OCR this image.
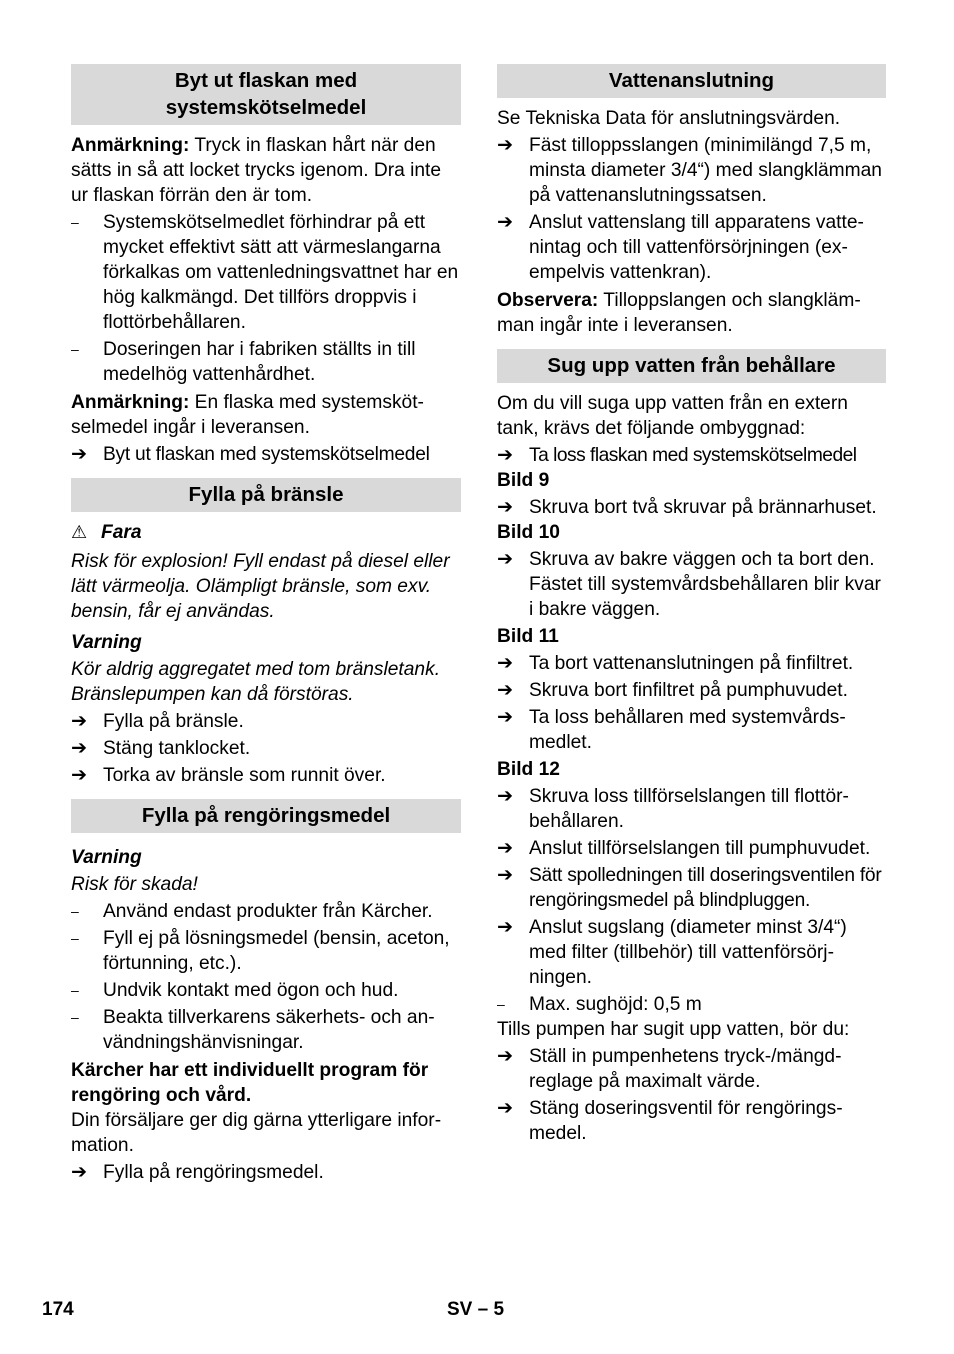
Byt ut flaskan med systemskötselmedel

Anmärkning: Tryck in flaskan hårt när den sätts in så att locket trycks igenom. Dra inte ur flaskan förrän den är tom.

– Systemskötselmedlet förhindrar på ett mycket effektivt sätt att värmeslangarna förkalkas om vattenledningsvattnet har en hög kalkmängd. Det tillförs droppvis i flottörbehållaren.
– Doseringen har i fabriken ställts in till medelhög vattenhårdhet.

Anmärkning: En flaska med systemskötselmedel ingår i leveransen.

➔ Byt ut flaskan med systemskötselmedel
Fylla på bränsle
⚠ Fara

Risk för explosion! Fyll endast på diesel eller lätt värmeolja. Olämpligt bränsle, som exv. bensin, får ej användas.

Varning

Kör aldrig aggregatet med tom bränsletank. Bränslepumpen kan då förstöras.

➔ Fylla på bränsle.
➔ Stäng tanklocket.
➔ Torka av bränsle som runnit över.
Fylla på rengöringsmedel
Varning

Risk för skada!

– Använd endast produkter från Kärcher.
– Fyll ej på lösningsmedel (bensin, aceton, förtunning, etc.).
– Undvik kontakt med ögon och hud.
– Beakta tillverkarens säkerhets- och användningshänvisningar.

Kärcher har ett individuellt program för rengöring och vård.

Din försäljare ger dig gärna ytterligare information.

➔ Fylla på rengöringsmedel.
Vattenanslutning

Se Tekniska Data för anslutningsvärden.

➔ Fäst tilloppsslangen (minimilängd 7,5 m, minsta diameter 3/4“) med slangklämman på vattenanslutningssatsen.
➔ Anslut vattenslang till apparatens vattenintag och till vattenförsörjningen (exempelvis vattenkran).

Observera: Tilloppslangen och slangklämman ingår inte i leveransen.

Sug upp vatten från behållare

Om du vill suga upp vatten från en extern tank, krävs det följande ombyggnad:

➔ Ta loss flaskan med systemskötselmedel

Bild 9

➔ Skruva bort två skruvar på brännarhuset.

Bild 10

➔ Skruva av bakre väggen och ta bort den. Fästet till systemvårdsbehållaren blir kvar i bakre väggen.

Bild 11

➔ Ta bort vattenanslutningen på finfiltret.
➔ Skruva bort finfiltret på pumphuvudet.
➔ Ta loss behållaren med systemvårdsmedlet.

Bild 12

➔ Skruva loss tillförselslangen till flottörbehållaren.
➔ Anslut tillförselslangen till pumphuvudet.
➔ Sätt spolledningen till doseringsventilen för rengöringsmedel på blindpluggen.
➔ Anslut sugslang (diameter minst 3/4“) med filter (tillbehör) till vattenförsörjningen.
– Max. sughöjd: 0,5 m

Tills pumpen har sugit upp vatten, bör du:

➔ Ställ in pumpenhetens tryck-/mängdreglage på maximalt värde.
➔ Stäng doseringsventil för rengöringsmedel.
174	SV – 5
